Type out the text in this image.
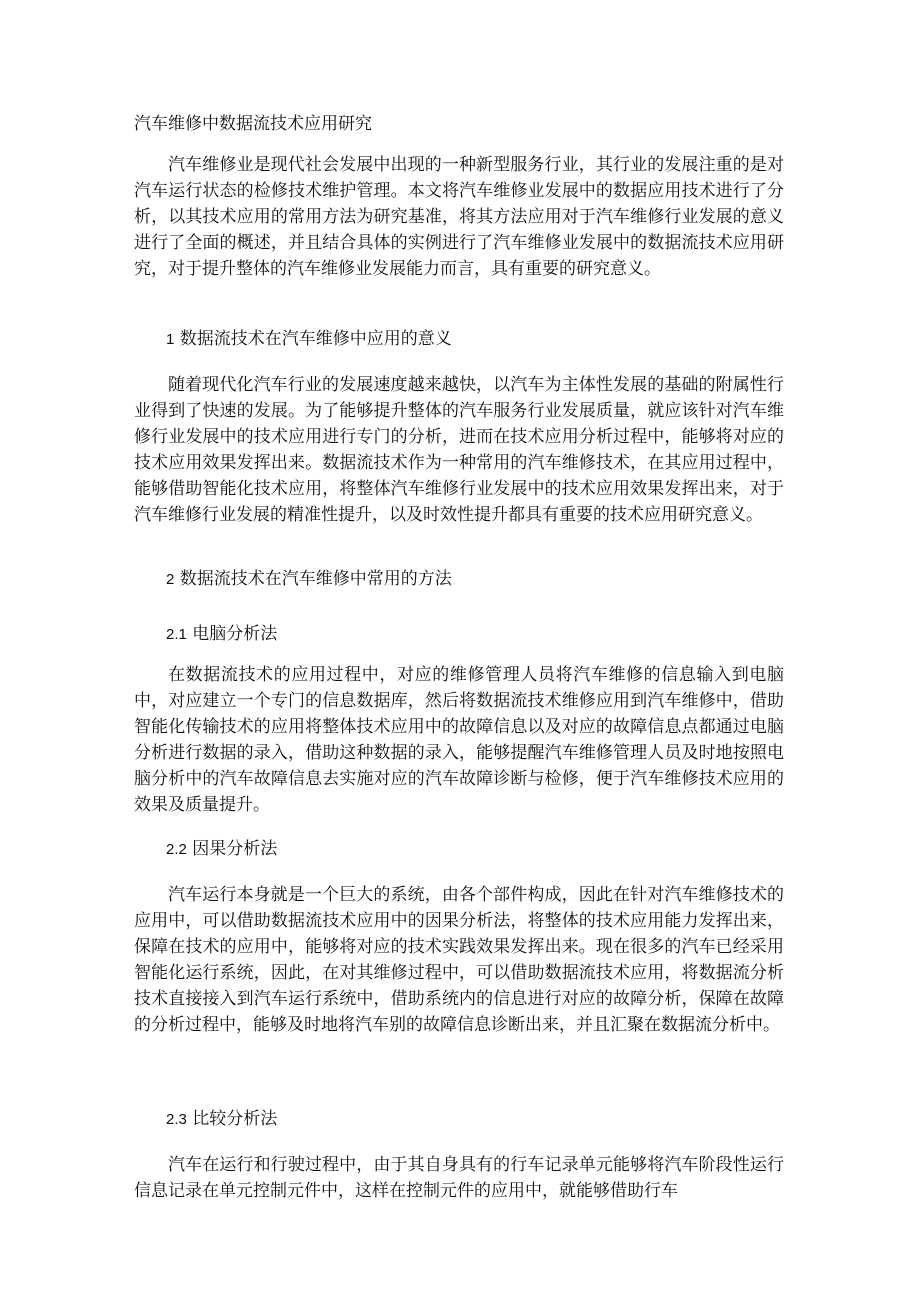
汽车维修中数据流技术应用研究

汽车维修业是现代社会发展中出现的一种新型服务行业，其行业的发展注重的是对汽车运行状态的检修技术维护管理。本文将汽车维修业发展中的数据应用技术进行了分析，以其技术应用的常用方法为研究基准，将其方法应用对于汽车维修行业发展的意义进行了全面的概述，并且结合具体的实例进行了汽车维修业发展中的数据流技术应用研究，对于提升整体的汽车维修业发展能力而言，具有重要的研究意义。

1 数据流技术在汽车维修中应用的意义

随着现代化汽车行业的发展速度越来越快，以汽车为主体性发展的基础的附属性行业得到了快速的发展。为了能够提升整体的汽车服务行业发展质量，就应该针对汽车维修行业发展中的技术应用进行专门的分析，进而在技术应用分析过程中，能够将对应的技术应用效果发挥出来。数据流技术作为一种常用的汽车维修技术，在其应用过程中，能够借助智能化技术应用，将整体汽车维修行业发展中的技术应用效果发挥出来，对于汽车维修行业发展的精准性提升，以及时效性提升都具有重要的技术应用研究意义。

2 数据流技术在汽车维修中常用的方法
2.1 电脑分析法

在数据流技术的应用过程中，对应的维修管理人员将汽车维修的信息输入到电脑中，对应建立一个专门的信息数据库，然后将数据流技术维修应用到汽车维修中，借助智能化传输技术的应用将整体技术应用中的故障信息以及对应的故障信息点都通过电脑分析进行数据的录入，借助这种数据的录入，能够提醒汽车维修管理人员及时地按照电脑分析中的汽车故障信息去实施对应的汽车故障诊断与检修，便于汽车维修技术应用的效果及质量提升。

2.2 因果分析法

汽车运行本身就是一个巨大的系统，由各个部件构成，因此在针对汽车维修技术的应用中，可以借助数据流技术应用中的因果分析法，将整体的技术应用能力发挥出来，保障在技术的应用中，能够将对应的技术实践效果发挥出来。现在很多的汽车已经采用智能化运行系统，因此，在对其维修过程中，可以借助数据流技术应用，将数据流分析技术直接接入到汽车运行系统中，借助系统内的信息进行对应的故障分析，保障在故障的分析过程中，能够及时地将汽车别的故障信息诊断出来，并且汇聚在数据流分析中。

2.3 比较分析法

汽车在运行和行驶过程中，由于其自身具有的行车记录单元能够将汽车阶段性运行信息记录在单元控制元件中，这样在控制元件的应用中，就能够借助行车
